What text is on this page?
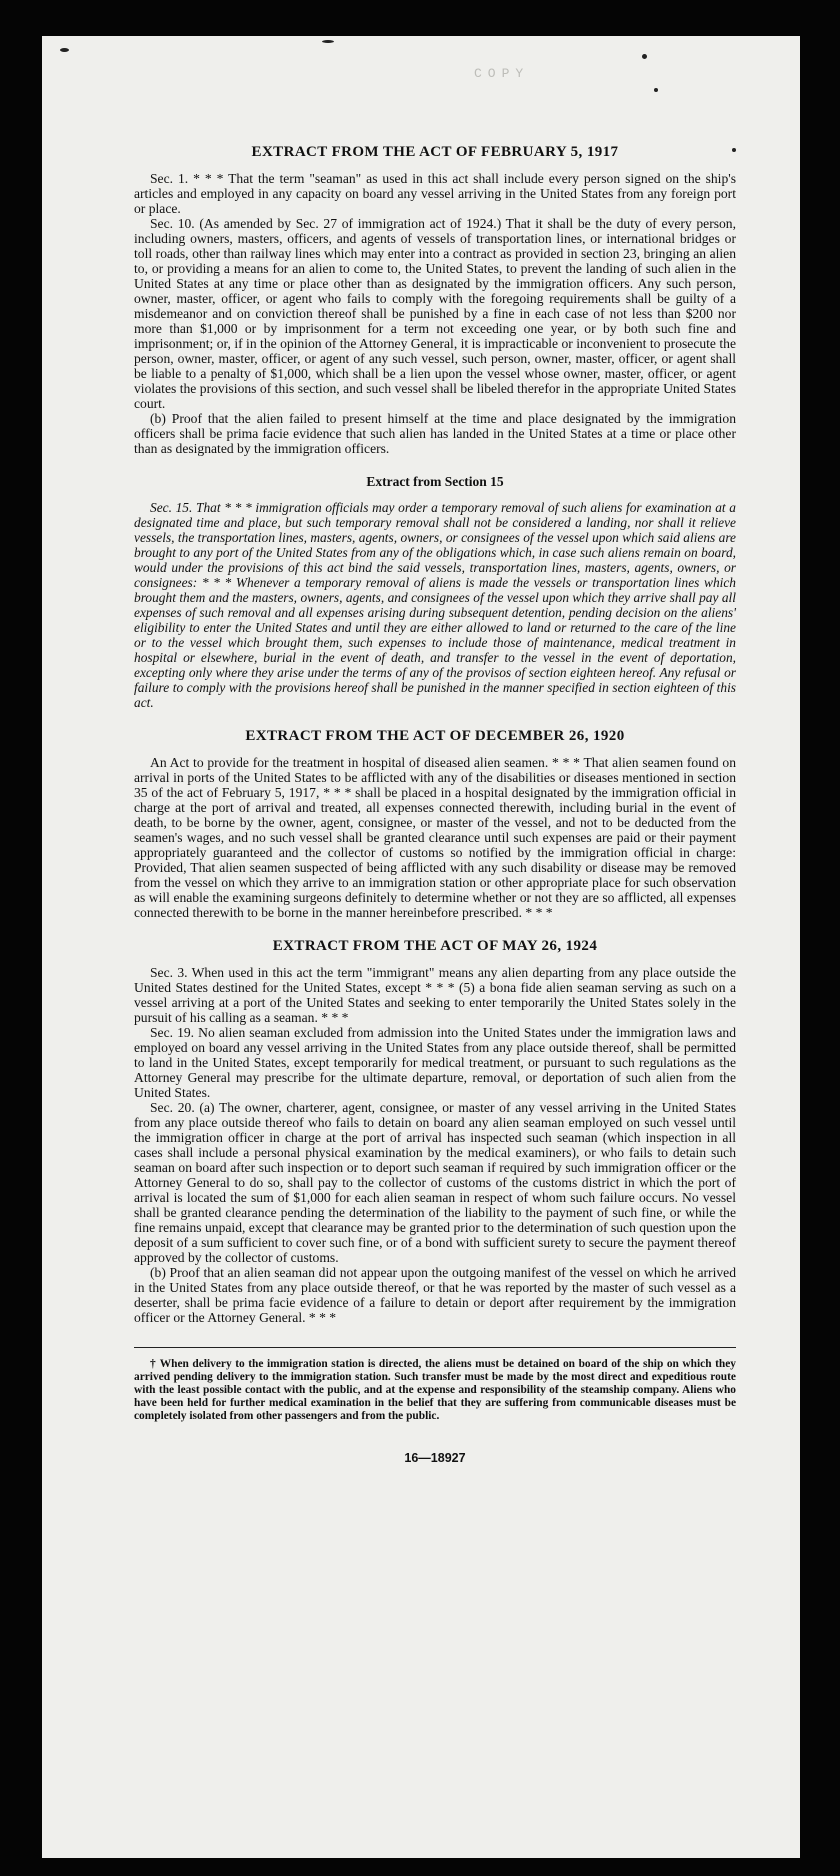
COPY
EXTRACT FROM THE ACT OF FEBRUARY 5, 1917

Sec. 1. * * * That the term "seaman" as used in this act shall include every person signed on the ship's articles and employed in any capacity on board any vessel arriving in the United States from any foreign port or place.

Sec. 10. (As amended by Sec. 27 of immigration act of 1924.) That it shall be the duty of every person, including owners, masters, officers, and agents of vessels of transportation lines, or international bridges or toll roads, other than railway lines which may enter into a contract as provided in section 23, bringing an alien to, or providing a means for an alien to come to, the United States, to prevent the landing of such alien in the United States at any time or place other than as designated by the immigration officers. Any such person, owner, master, officer, or agent who fails to comply with the foregoing requirements shall be guilty of a misdemeanor and on conviction thereof shall be punished by a fine in each case of not less than $200 nor more than $1,000 or by imprisonment for a term not exceeding one year, or by both such fine and imprisonment; or, if in the opinion of the Attorney General, it is impracticable or inconvenient to prosecute the person, owner, master, officer, or agent of any such vessel, such person, owner, master, officer, or agent shall be liable to a penalty of $1,000, which shall be a lien upon the vessel whose owner, master, officer, or agent violates the provisions of this section, and such vessel shall be libeled therefor in the appropriate United States court.

(b) Proof that the alien failed to present himself at the time and place designated by the immigration officers shall be prima facie evidence that such alien has landed in the United States at a time or place other than as designated by the immigration officers.

Extract from Section 15

Sec. 15. That * * * immigration officials may order a temporary removal of such aliens for examination at a designated time and place, but such temporary removal shall not be considered a landing, nor shall it relieve vessels, the transportation lines, masters, agents, owners, or consignees of the vessel upon which said aliens are brought to any port of the United States from any of the obligations which, in case such aliens remain on board, would under the provisions of this act bind the said vessels, transportation lines, masters, agents, owners, or consignees: * * * Whenever a temporary removal of aliens is made the vessels or transportation lines which brought them and the masters, owners, agents, and consignees of the vessel upon which they arrive shall pay all expenses of such removal and all expenses arising during subsequent detention, pending decision on the aliens' eligibility to enter the United States and until they are either allowed to land or returned to the care of the line or to the vessel which brought them, such expenses to include those of maintenance, medical treatment in hospital or elsewhere, burial in the event of death, and transfer to the vessel in the event of deportation, excepting only where they arise under the terms of any of the provisos of section eighteen hereof. Any refusal or failure to comply with the provisions hereof shall be punished in the manner specified in section eighteen of this act.

EXTRACT FROM THE ACT OF DECEMBER 26, 1920

An Act to provide for the treatment in hospital of diseased alien seamen. * * * That alien seamen found on arrival in ports of the United States to be afflicted with any of the disabilities or diseases mentioned in section 35 of the act of February 5, 1917, * * * shall be placed in a hospital designated by the immigration official in charge at the port of arrival and treated, all expenses connected therewith, including burial in the event of death, to be borne by the owner, agent, consignee, or master of the vessel, and not to be deducted from the seamen's wages, and no such vessel shall be granted clearance until such expenses are paid or their payment appropriately guaranteed and the collector of customs so notified by the immigration official in charge: Provided, That alien seamen suspected of being afflicted with any such disability or disease may be removed from the vessel on which they arrive to an immigration station or other appropriate place for such observation as will enable the examining surgeons definitely to determine whether or not they are so afflicted, all expenses connected therewith to be borne in the manner hereinbefore prescribed. * * *

EXTRACT FROM THE ACT OF MAY 26, 1924

Sec. 3. When used in this act the term "immigrant" means any alien departing from any place outside the United States destined for the United States, except * * * (5) a bona fide alien seaman serving as such on a vessel arriving at a port of the United States and seeking to enter temporarily the United States solely in the pursuit of his calling as a seaman. * * *

Sec. 19. No alien seaman excluded from admission into the United States under the immigration laws and employed on board any vessel arriving in the United States from any place outside thereof, shall be permitted to land in the United States, except temporarily for medical treatment, or pursuant to such regulations as the Attorney General may prescribe for the ultimate departure, removal, or deportation of such alien from the United States.

Sec. 20. (a) The owner, charterer, agent, consignee, or master of any vessel arriving in the United States from any place outside thereof who fails to detain on board any alien seaman employed on such vessel until the immigration officer in charge at the port of arrival has inspected such seaman (which inspection in all cases shall include a personal physical examination by the medical examiners), or who fails to detain such seaman on board after such inspection or to deport such seaman if required by such immigration officer or the Attorney General to do so, shall pay to the collector of customs of the customs district in which the port of arrival is located the sum of $1,000 for each alien seaman in respect of whom such failure occurs. No vessel shall be granted clearance pending the determination of the liability to the payment of such fine, or while the fine remains unpaid, except that clearance may be granted prior to the determination of such question upon the deposit of a sum sufficient to cover such fine, or of a bond with sufficient surety to secure the payment thereof approved by the collector of customs.

(b) Proof that an alien seaman did not appear upon the outgoing manifest of the vessel on which he arrived in the United States from any place outside thereof, or that he was reported by the master of such vessel as a deserter, shall be prima facie evidence of a failure to detain or deport after requirement by the immigration officer or the Attorney General. * * *

† When delivery to the immigration station is directed, the aliens must be detained on board of the ship on which they arrived pending delivery to the immigration station. Such transfer must be made by the most direct and expeditious route with the least possible contact with the public, and at the expense and responsibility of the steamship company. Aliens who have been held for further medical examination in the belief that they are suffering from communicable diseases must be completely isolated from other passengers and from the public.

16—18927
